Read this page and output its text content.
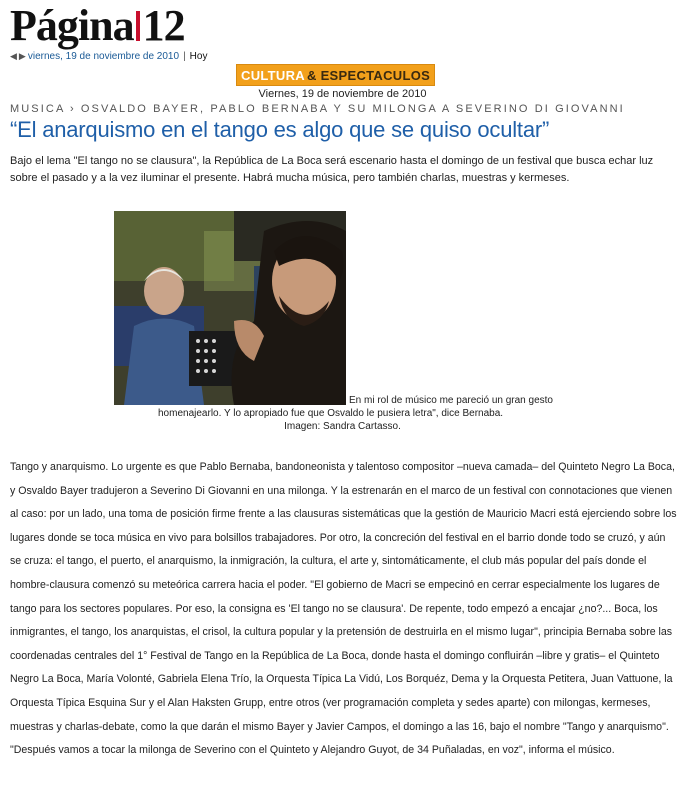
Página 12
◀ ▶ viernes, 19 de noviembre de 2010 | Hoy
CULTURA & ESPECTACULOS
Viernes, 19 de noviembre de 2010
MUSICA › OSVALDO BAYER, PABLO BERNABA Y SU MILONGA A SEVERINO DI GIOVANNI
“El anarquismo en el tango es algo que se quiso ocultar”
Bajo el lema "El tango no se clausura", la República de La Boca será escenario hasta el domingo de un festival que busca echar luz sobre el pasado y a la vez iluminar el presente. Habrá mucha música, pero también charlas, muestras y kermeses.
En mi rol de músico me pareció un gran gesto
homenajearlo. Y lo apropiado fue que Osvaldo le pusiera letra", dice Bernaba.
Imagen: Sandra Cartasso.

Tango y anarquismo. Lo urgente es que Pablo Bernaba, bandoneonista y talentoso compositor –nueva camada– del Quinteto Negro La Boca, y Osvaldo Bayer tradujeron a Severino Di Giovanni en una milonga. Y la estrenarán en el marco de un festival con connotaciones que vienen al caso: por un lado, una toma de posición firme frente a las clausuras sistemáticas que la gestión de Mauricio Macri está ejerciendo sobre los lugares donde se toca música en vivo para bolsillos trabajadores. Por otro, la concreción del festival en el barrio donde todo se cruzó, y aún se cruza: el tango, el puerto, el anarquismo, la inmigración, la cultura, el arte y, sintomáticamente, el club más popular del país donde el hombre-clausura comenzó su meteórica carrera hacia el poder. "El gobierno de Macri se empecinó en cerrar especialmente los lugares de tango para los sectores populares. Por eso, la consigna es 'El tango no se clausura'. De repente, todo empezó a encajar ¿no?... Boca, los inmigrantes, el tango, los anarquistas, el crisol, la cultura popular y la pretensión de destruirla en el mismo lugar", principia Bernaba sobre las coordenadas centrales del 1° Festival de Tango en la República de La Boca, donde hasta el domingo confluirán –libre y gratis– el Quinteto Negro La Boca, María Volonté, Gabriela Elena Trío, la Orquesta Típica La Vidú, Los Borquéz, Dema y la Orquesta Petitera, Juan Vattuone, la Orquesta Típica Esquina Sur y el Alan Haksten Grupp, entre otros (ver programación completa y sedes aparte) con milongas, kermeses, muestras y charlas-debate, como la que darán el mismo Bayer y Javier Campos, el domingo a las 16, bajo el nombre "Tango y anarquismo". "Después vamos a tocar la milonga de Severino con el Quinteto y Alejandro Guyot, de 34 Puñaladas, en voz", informa el músico.
